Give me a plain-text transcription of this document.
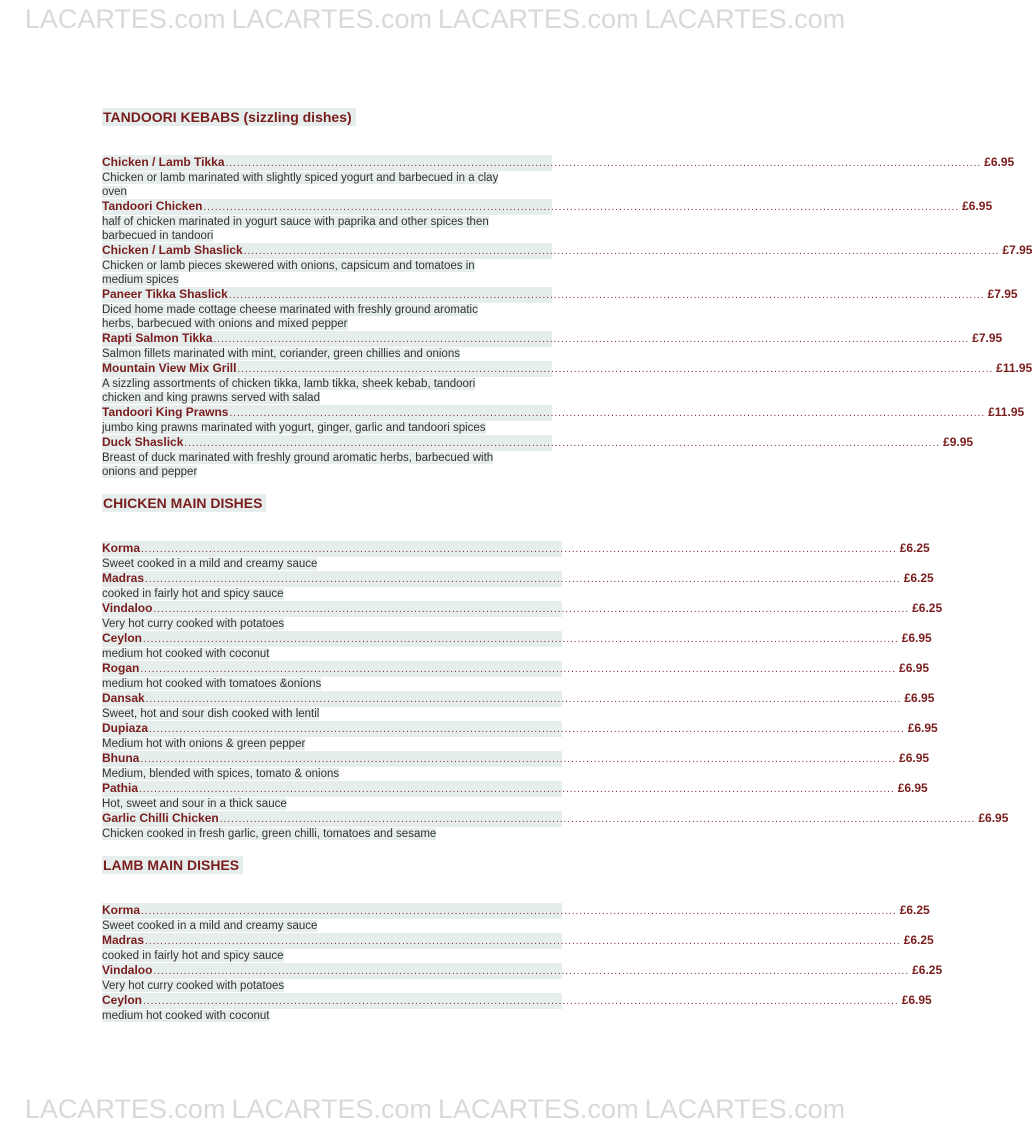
LACARTES.com LACARTES.com LACARTES.com LACARTES.com
TANDOORI KEBABS (sizzling dishes)
Chicken / Lamb Tikka ........................................................................................................................................................................................................ £6.95

Chicken or lamb marinated with slightly spiced yogurt and barbecued in a clay oven

Tandoori Chicken ........................................................................................................................................................................................................ £6.95

half of chicken marinated in yogurt sauce with paprika and other spices then barbecued in tandoori

Chicken / Lamb Shaslick ........................................................................................................................................................................................................ £7.95

Chicken or lamb pieces skewered with onions, capsicum and tomatoes in medium spices

Paneer Tikka Shaslick ........................................................................................................................................................................................................ £7.95

Diced home made cottage cheese marinated with freshly ground aromatic herbs, barbecued with onions and mixed pepper

Rapti Salmon Tikka ........................................................................................................................................................................................................ £7.95

Salmon fillets marinated with mint, coriander, green chillies and onions

Mountain View Mix Grill ........................................................................................................................................................................................................ £11.95

A sizzling assortments of chicken tikka, lamb tikka, sheek kebab, tandoori chicken and king prawns served with salad

Tandoori King Prawns ........................................................................................................................................................................................................ £11.95

jumbo king prawns marinated with yogurt, ginger, garlic and tandoori spices

Duck Shaslick ........................................................................................................................................................................................................ £9.95

Breast of duck marinated with freshly ground aromatic herbs, barbecued with onions and pepper

CHICKEN MAIN DISHES
Korma ........................................................................................................................................................................................................ £6.25

Sweet cooked in a mild and creamy sauce

Madras ........................................................................................................................................................................................................ £6.25

cooked in fairly hot and spicy sauce

Vindaloo ........................................................................................................................................................................................................ £6.25

Very hot curry cooked with potatoes

Ceylon ........................................................................................................................................................................................................ £6.95

medium hot cooked with coconut

Rogan ........................................................................................................................................................................................................ £6.95

medium hot cooked with tomatoes &onions

Dansak ........................................................................................................................................................................................................ £6.95

Sweet, hot and sour dish cooked with lentil

Dupiaza ........................................................................................................................................................................................................ £6.95

Medium hot with onions & green pepper

Bhuna ........................................................................................................................................................................................................ £6.95

Medium, blended with spices, tomato & onions

Pathia ........................................................................................................................................................................................................ £6.95

Hot, sweet and sour in a thick sauce

Garlic Chilli Chicken ........................................................................................................................................................................................................ £6.95

Chicken cooked in fresh garlic, green chilli, tomatoes and sesame

LAMB MAIN DISHES
Korma ........................................................................................................................................................................................................ £6.25

Sweet cooked in a mild and creamy sauce

Madras ........................................................................................................................................................................................................ £6.25

cooked in fairly hot and spicy sauce

Vindaloo ........................................................................................................................................................................................................ £6.25

Very hot curry cooked with potatoes

Ceylon ........................................................................................................................................................................................................ £6.95

medium hot cooked with coconut

LACARTES.com LACARTES.com LACARTES.com LACARTES.com
